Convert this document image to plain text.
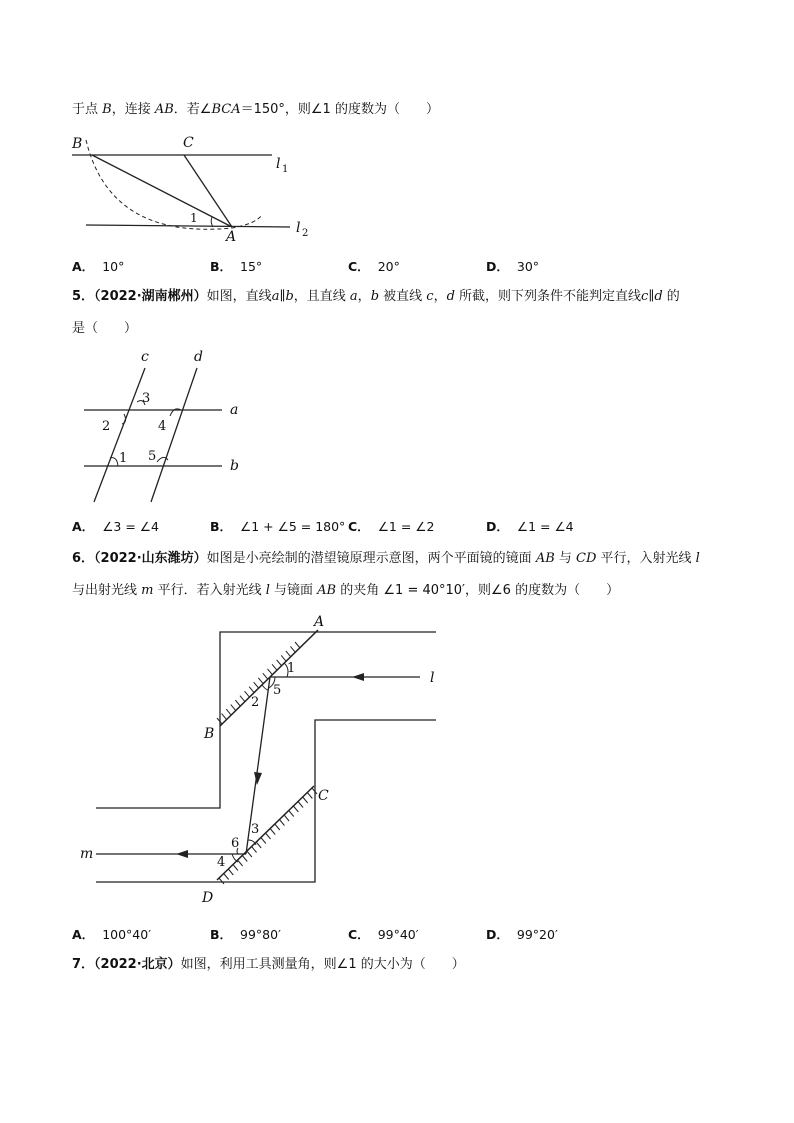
于点 B，连接 AB．若∠BCA＝150°，则∠1 的度数为（　　）
B	C
A
1
l 1
l 2
A． 10°	B． 15°	C． 20°	D． 30°
5．（2022·湖南郴州）如图，直线a∥b，且直线 a，b 被直线 c，d 所截，则下列条件不能判定直线c∥d 的
是（　　）
c	d
a
b
3
2	4
1 5
A． ∠3 = ∠4	B． ∠1 + ∠5 = 180° C． ∠1 = ∠2	D． ∠1 = ∠4
6．（2022·山东潍坊）如图是小亮绘制的潜望镜原理示意图，两个平面镜的镜面 AB 与 CD 平行，入射光线 l
与出射光线 m 平行．若入射光线 l 与镜面 AB 的夹角 ∠1 = 40°10′，则∠6 的度数为（　　）
A
B
C
D
l
m
1
2
5
3
6
4
A． 100°40′	B． 99°80′	C． 99°40′	D． 99°20′
7．（2022·北京）如图，利用工具测量角，则∠1 的大小为（　　）
